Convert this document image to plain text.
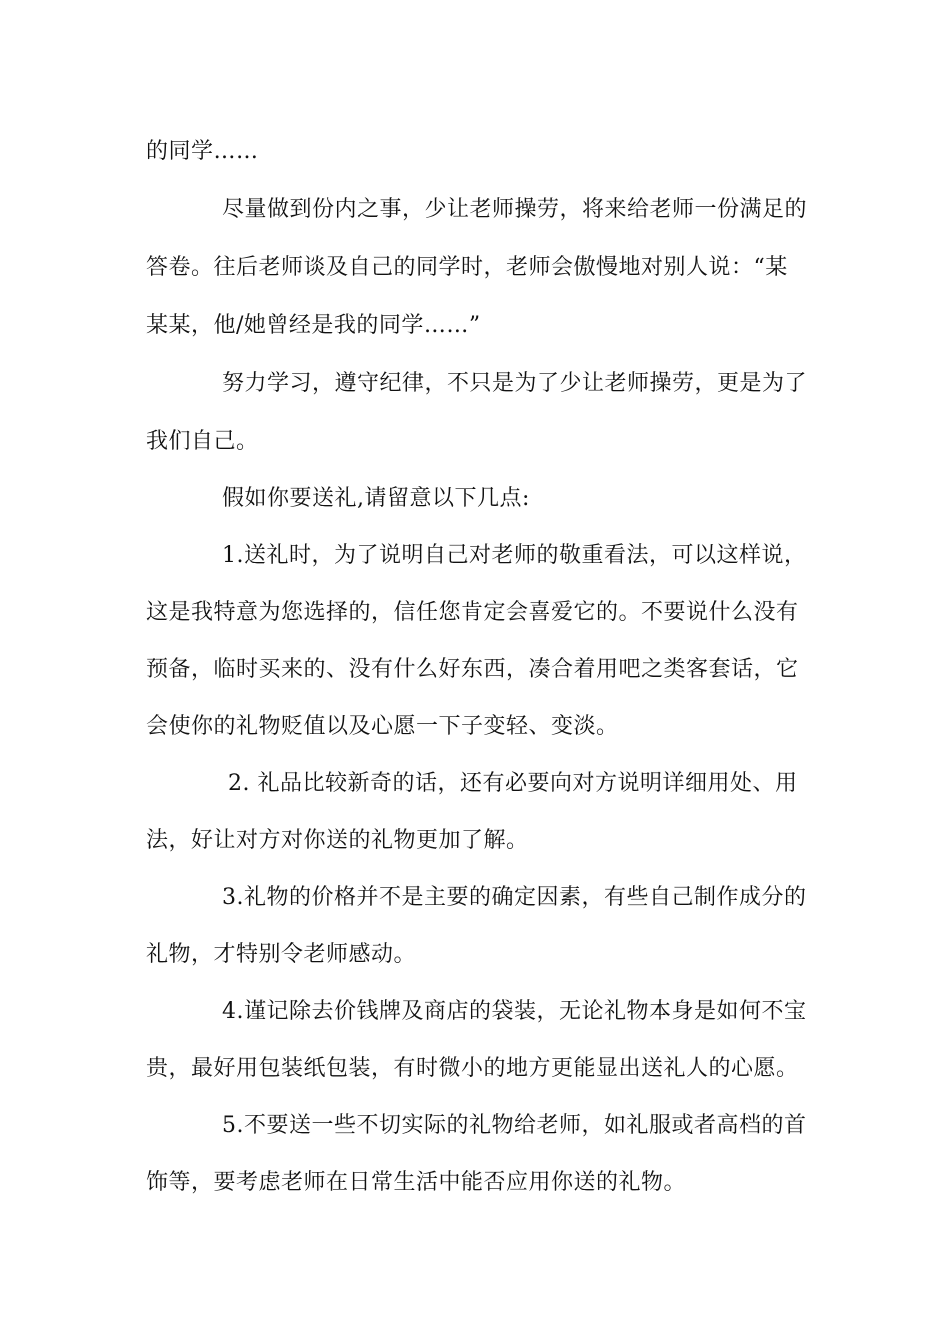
的同学……
尽量做到份内之事，少让老师操劳，将来给老师一份满足的
答卷。往后老师谈及自己的同学时，老师会傲慢地对别人说：“某
某某，他/她曾经是我的同学……”
努力学习，遵守纪律，不只是为了少让老师操劳，更是为了
我们自己。
假如你要送礼,请留意以下几点:
1.送礼时，为了说明自己对老师的敬重看法，可以这样说，
这是我特意为您选择的，信任您肯定会喜爱它的。不要说什么没有
预备，临时买来的、没有什么好东西，凑合着用吧之类客套话，它
会使你的礼物贬值以及心愿一下子变轻、变淡。
2. 礼品比较新奇的话，还有必要向对方说明详细用处、用
法，好让对方对你送的礼物更加了解。
3.礼物的价格并不是主要的确定因素，有些自己制作成分的
礼物，才特别令老师感动。
4.谨记除去价钱牌及商店的袋装，无论礼物本身是如何不宝
贵，最好用包装纸包装，有时微小的地方更能显出送礼人的心愿。
5.不要送一些不切实际的礼物给老师，如礼服或者高档的首
饰等，要考虑老师在日常生活中能否应用你送的礼物。
